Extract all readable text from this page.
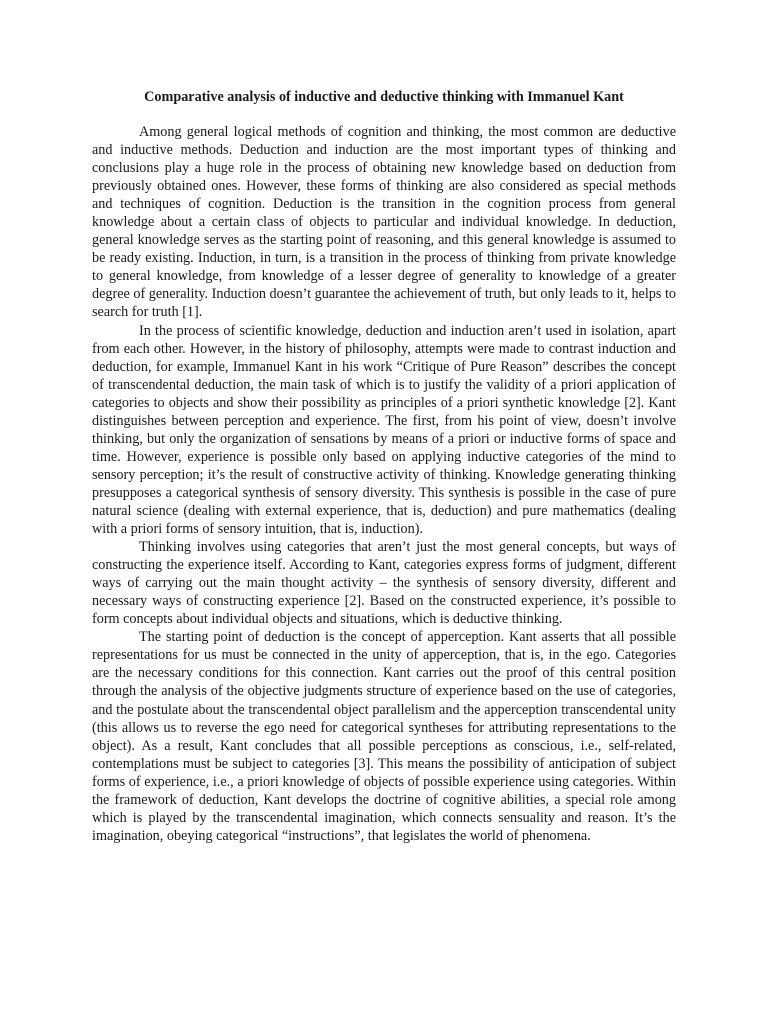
Comparative analysis of inductive and deductive thinking with Immanuel Kant

Among general logical methods of cognition and thinking, the most common are deductive and inductive methods. Deduction and induction are the most important types of thinking and conclusions play a huge role in the process of obtaining new knowledge based on deduction from previously obtained ones. However, these forms of thinking are also considered as special methods and techniques of cognition. Deduction is the transition in the cognition process from general knowledge about a certain class of objects to particular and individual knowledge. In deduction, general knowledge serves as the starting point of reasoning, and this general knowledge is assumed to be ready existing. Induction, in turn, is a transition in the process of thinking from private knowledge to general knowledge, from knowledge of a lesser degree of generality to knowledge of a greater degree of generality. Induction doesn’t guarantee the achievement of truth, but only leads to it, helps to search for truth [1].

In the process of scientific knowledge, deduction and induction aren’t used in isolation, apart from each other. However, in the history of philosophy, attempts were made to contrast induction and deduction, for example, Immanuel Kant in his work “Critique of Pure Reason” describes the concept of transcendental deduction, the main task of which is to justify the validity of a priori application of categories to objects and show their possibility as principles of a priori synthetic knowledge [2]. Kant distinguishes between perception and experience. The first, from his point of view, doesn’t involve thinking, but only the organization of sensations by means of a priori or inductive forms of space and time. However, experience is possible only based on applying inductive categories of the mind to sensory perception; it’s the result of constructive activity of thinking. Knowledge generating thinking presupposes a categorical synthesis of sensory diversity. This synthesis is possible in the case of pure natural science (dealing with external experience, that is, deduction) and pure mathematics (dealing with a priori forms of sensory intuition, that is, induction).

Thinking involves using categories that aren’t just the most general concepts, but ways of constructing the experience itself. According to Kant, categories express forms of judgment, different ways of carrying out the main thought activity – the synthesis of sensory diversity, different and necessary ways of constructing experience [2]. Based on the constructed experience, it’s possible to form concepts about individual objects and situations, which is deductive thinking.

The starting point of deduction is the concept of apperception. Kant asserts that all possible representations for us must be connected in the unity of apperception, that is, in the ego. Categories are the necessary conditions for this connection. Kant carries out the proof of this central position through the analysis of the objective judgments structure of experience based on the use of categories, and the postulate about the transcendental object parallelism and the apperception transcendental unity (this allows us to reverse the ego need for categorical syntheses for attributing representations to the object). As a result, Kant concludes that all possible perceptions as conscious, i.e., self-related, contemplations must be subject to categories [3]. This means the possibility of anticipation of subject forms of experience, i.e., a priori knowledge of objects of possible experience using categories. Within the framework of deduction, Kant develops the doctrine of cognitive abilities, a special role among which is played by the transcendental imagination, which connects sensuality and reason. It’s the imagination, obeying categorical “instructions”, that legislates the world of phenomena.
